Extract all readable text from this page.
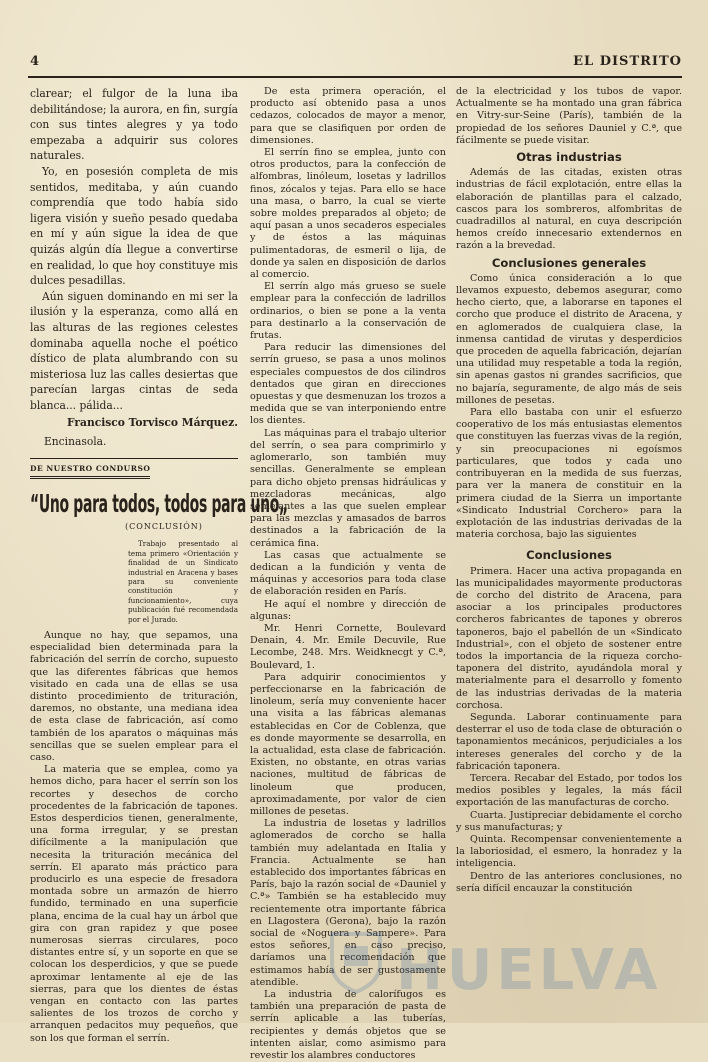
4	EL DISTRITO

clarear; el fulgor de la luna iba debilitándose; la aurora, en fin, surgía con sus tintes alegres y ya todo empezaba a adquirir sus colores naturales.

Yo, en posesión completa de mis sentidos, meditaba, y aún cuando comprendía que todo había sido ligera visión y sueño pesado quedaba en mí y aún sigue la idea de que quizás algún día llegue a convertirse en realidad, lo que hoy constituye mis dulces pesadillas.

Aún siguen dominando en mi ser la ilusión y la esperanza, como allá en las alturas de las regiones celestes dominaba aquella noche el poético dístico de plata alumbrando con su misteriosa luz las calles desiertas que parecían largas cintas de seda blanca... pálida...

Francisco Torvisco Márquez.
Encinasola.
DE NUESTRO CONDURSO
“Uno para todos, todos para uno„
(CONCLUSIÓN)
Trabajo presentado al tema primero «Orientación y finalidad de un Sindicato industrial en Aracena y bases para su conveniente constitución y funcionamiento», cuya publicación fué recomendada por el Jurado.

Aunque no hay, que sepamos, una especialidad bien determinada para la fabricación del serrín de corcho, supuesto que las diferentes fábricas que hemos visitado en cada una de ellas se usa distinto procedimiento de trituración, daremos, no obstante, una mediana idea de esta clase de fabricación, así como también de los aparatos o máquinas más sencillas que se suelen emplear para el caso.

La materia que se emplea, como ya hemos dicho, para hacer el serrín son los recortes y desechos de corcho procedentes de la fabricación de tapones. Estos desperdicios tienen, generalmente, una forma irregular, y se prestan difícilmente a la manipulación que necesita la trituración mecánica del serrín. El aparato más práctico para producirlo es una especie de fresadora montada sobre un armazón de hierro fundido, terminado en una superficie plana, encima de la cual hay un árbol que gira con gran rapidez y que posee numerosas sierras circulares, poco distantes entre sí, y un soporte en que se colocan los desperdicios, y que se puede aproximar lentamente al eje de las sierras, para que los dientes de éstas vengan en contacto con las partes salientes de los trozos de corcho y arranquen pedacitos muy pequeños, que son los que forman el serrín.

De esta primera operación, el producto así obtenido pasa a unos cedazos, colocados de mayor a menor, para que se clasifiquen por orden de dimensiones.

El serrín fino se emplea, junto con otros productos, para la confección de alfombras, linóleum, losetas y ladrillos finos, zócalos y tejas. Para ello se hace una masa, o barro, la cual se vierte sobre moldes preparados al objeto; de aquí pasan a unos secaderos especiales y de éstos a las máquinas pulimentadoras, de esmeril o lija, de donde ya salen en disposición de darlos al comercio.

El serrín algo más grueso se suele emplear para la confección de ladrillos ordinarios, o bien se pone a la venta para destinarlo a la conservación de frutas.

Para reducir las dimensiones del serrín grueso, se pasa a unos molinos especiales compuestos de dos cilindros dentados que giran en direcciones opuestas y que desmenuzan los trozos a medida que se van interponiendo entre los dientes.

Las máquinas para el trabajo ulterior del serrín, o sea para comprimirlo y aglomerarlo, son también muy sencillas. Generalmente se emplean para dicho objeto prensas hidráulicas y mezcladoras mecánicas, algo semejantes a las que suelen emplear para las mezclas y amasados de barros destinados a la fabricación de la cerámica fina.

Las casas que actualmente se dedican a la fundición y venta de máquinas y accesorios para toda clase de elaboración residen en París.

He aquí el nombre y dirección de algunas:

Mr. Henri Cornette, Boulevard Denain, 4. Mr. Emile Decuvile, Rue Lecombe, 248. Mrs. Weidknecgt y C.ª, Boulevard, 1.

Para adquirir conocimientos y perfeccionarse en la fabricación de linoleum, sería muy conveniente hacer una visita a las fábricas alemanas establecidas en Cor de Coblenza, que es donde mayormente se desarrolla, en la actualidad, esta clase de fabricación. Existen, no obstante, en otras varias naciones, multitud de fábricas de linoleum que producen, aproximadamente, por valor de cien millones de pesetas.

La industria de losetas y ladrillos aglomerados de corcho se halla también muy adelantada en Italia y Francia. Actualmente se han establecido dos importantes fábricas en París, bajo la razón social de «Dauniel y C.ª» También se ha establecido muy recientemente otra importante fábrica en Llagostera (Gerona), bajo la razón social de «Noguera y Sampere». Para estos señores, en caso preciso, daríamos una recomendación que estimamos había de ser gustosamente atendible.

La industria de calorífugos es también una preparación de pasta de serrín aplicable a las tuberías, recipientes y demás objetos que se intenten aislar, como asimismo para revestir los alambres conductores

de la electricidad y los tubos de vapor. Actualmente se ha montado una gran fábrica en Vitry-sur-Seine (París), también de la propiedad de los señores Dauniel y C.ª, que fácilmente se puede visitar.

Otras industrias

Además de las citadas, existen otras industrias de fácil explotación, entre ellas la elaboración de plantillas para el calzado, cascos para los sombreros, alfombritas de cuadradillos al natural, en cuya descripción hemos creído innecesario extendernos en razón a la brevedad.

Conclusiones generales

Como única consideración a lo que llevamos expuesto, debemos asegurar, como hecho cierto, que, a laborarse en tapones el corcho que produce el distrito de Aracena, y en aglomerados de cualquiera clase, la inmensa cantidad de virutas y desperdicios que proceden de aquella fabricación, dejarían una utilidad muy respetable a toda la región, sin apenas gastos ni grandes sacrificios, que no bajaría, seguramente, de algo más de seis millones de pesetas.

Para ello bastaba con unir el esfuerzo cooperativo de los más entusiastas elementos que constituyen las fuerzas vivas de la región, y sin preocupaciones ni egoísmos particulares, que todos y cada uno contribuyeran en la medida de sus fuerzas, para ver la manera de constituir en la primera ciudad de la Sierra un importante «Sindicato Industrial Corchero» para la explotación de las industrias derivadas de la materia corchosa, bajo las siguientes

Conclusiones

Primera. Hacer una activa propaganda en las municipalidades mayormente productoras de corcho del distrito de Aracena, para asociar a los principales productores corcheros fabricantes de tapones y obreros taponeros, bajo el pabellón de un «Sindicato Industrial», con el objeto de sostener entre todos la importancia de la riqueza corcho-taponera del distrito, ayudándola moral y materialmente para el desarrollo y fomento de las industrias derivadas de la materia corchosa.

Segunda. Laborar continuamente para desterrar el uso de toda clase de obturación o taponamientos mecánicos, perjudiciales a los intereses generales del corcho y de la fabricación taponera.

Tercera. Recabar del Estado, por todos los medios posibles y legales, la más fácil exportación de las manufacturas de corcho.

Cuarta. Justipreciar debidamente el corcho y sus manufacturas; y

Quinta. Recompensar convenientemente a la laboriosidad, el esmero, la honradez y la inteligencia.

Dentro de las anteriores conclusiones, no sería difícil encauzar la constitución

HUELVA
